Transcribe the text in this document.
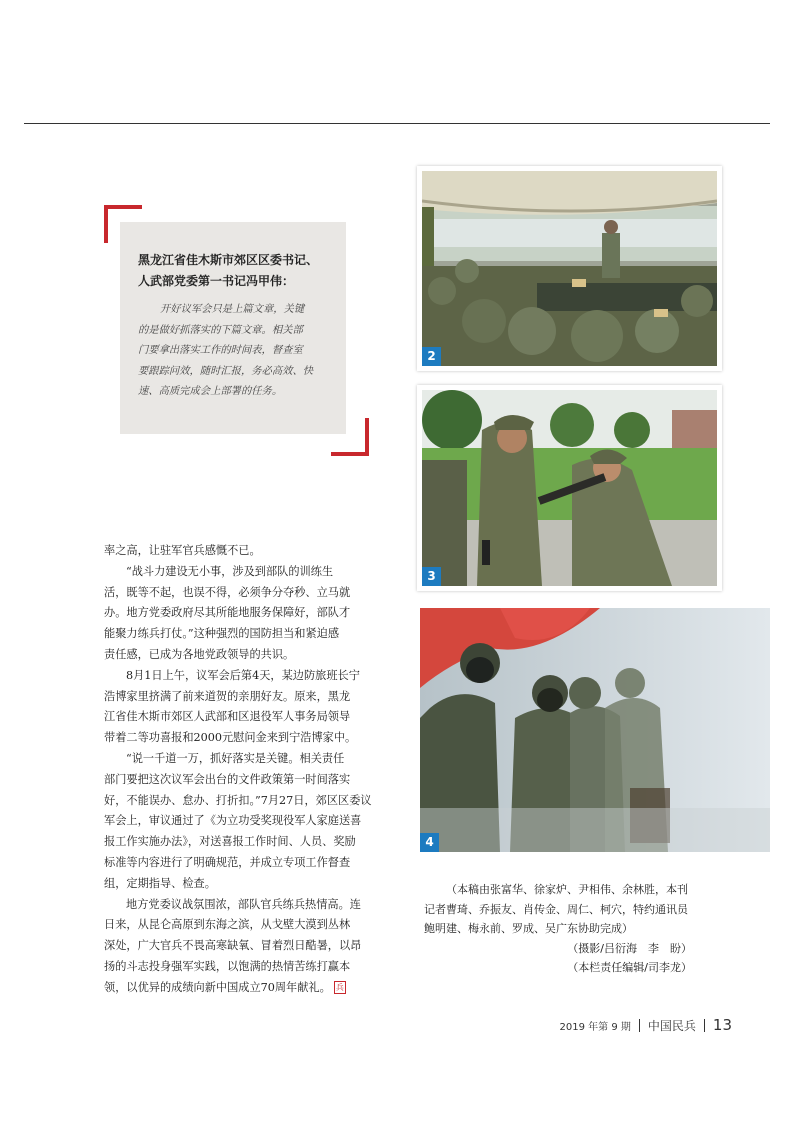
黑龙江省佳木斯市郊区区委书记、
人武部党委第一书记冯甲伟：
开好议军会只是上篇文章，关键
的是做好抓落实的下篇文章。相关部
门要拿出落实工作的时间表，督查室
要跟踪问效，随时汇报，务必高效、快
速、高质完成会上部署的任务。
率之高，让驻军官兵感慨不已。
“战斗力建设无小事，涉及到部队的训练生
活，既等不起，也误不得，必须争分夺秒、立马就
办。地方党委政府尽其所能地服务保障好，部队才
能聚力练兵打仗。”这种强烈的国防担当和紧迫感
责任感，已成为各地党政领导的共识。
8月1日上午，议军会后第4天，某边防旅班长宁
浩博家里挤满了前来道贺的亲朋好友。原来，黑龙
江省佳木斯市郊区人武部和区退役军人事务局领导
带着二等功喜报和2000元慰问金来到宁浩博家中。
“说一千道一万，抓好落实是关键。相关责任
部门要把这次议军会出台的文件政策第一时间落实
好，不能误办、怠办、打折扣。”7月27日，郊区区委议
军会上，审议通过了《为立功受奖现役军人家庭送喜
报工作实施办法》，对送喜报工作时间、人员、奖励
标准等内容进行了明确规范，并成立专项工作督查
组，定期指导、检查。
地方党委议战氛围浓，部队官兵练兵热情高。连
日来，从昆仑高原到东海之滨，从戈壁大漠到丛林
深处，广大官兵不畏高寒缺氧、冒着烈日酷暑，以昂
扬的斗志投身强军实践，以饱满的热情苦练打赢本
领，以优异的成绩向新中国成立70周年献礼。 兵
2
3
4
（本稿由张富华、徐家炉、尹相伟、余林胜，本刊
记者曹琦、乔振友、肖传金、周仁、柯穴，特约通讯员
鲍明建、梅永前、罗成、吴广东协助完成）
（摄影/吕衍海　李　盼）
（本栏责任编辑/司李龙）
2019 年第 9 期 中国民兵 13
